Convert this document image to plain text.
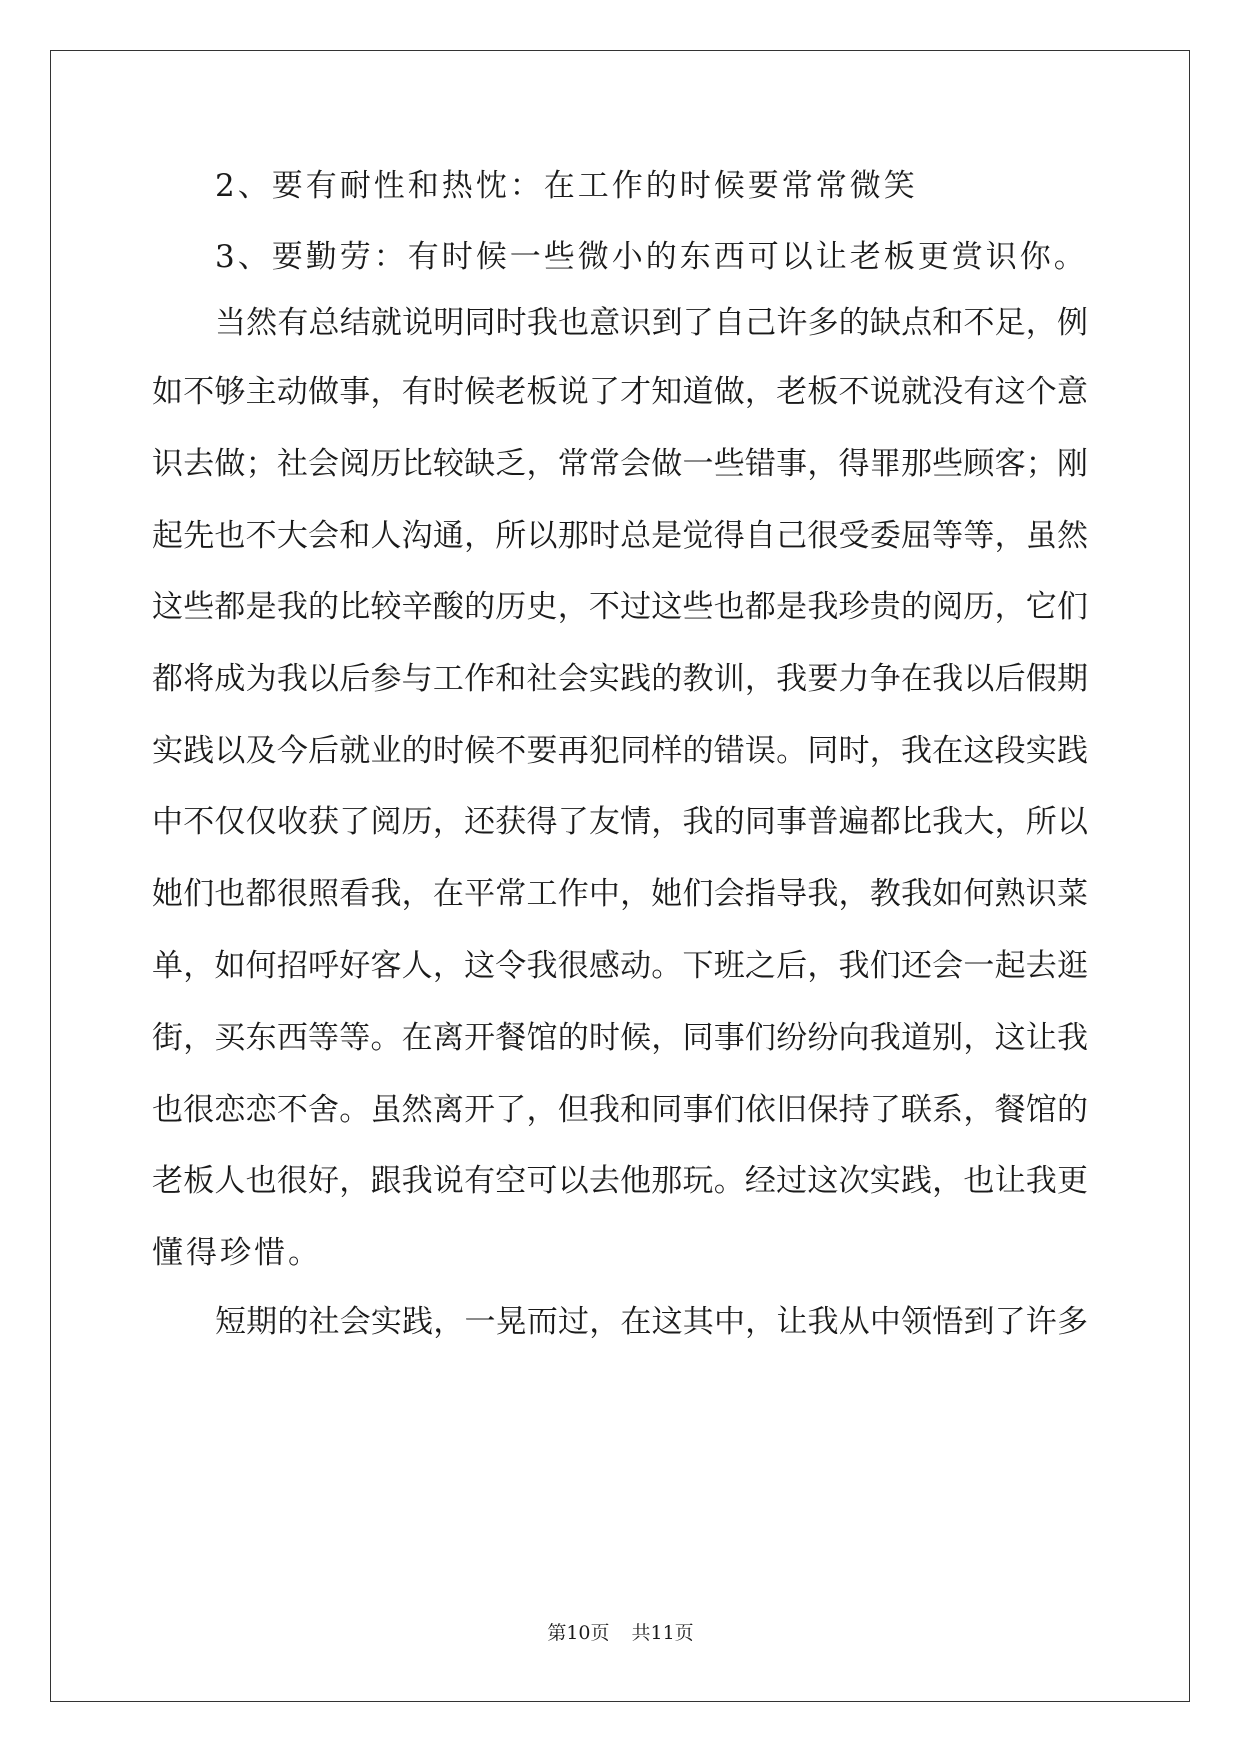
2、要有耐性和热忱：在工作的时候要常常微笑
3、要勤劳：有时候一些微小的东西可以让老板更赏识你。
当然有总结就说明同时我也意识到了自己许多的缺点和不足，例
如不够主动做事，有时候老板说了才知道做，老板不说就没有这个意
识去做；社会阅历比较缺乏，常常会做一些错事，得罪那些顾客；刚
起先也不大会和人沟通，所以那时总是觉得自己很受委屈等等，虽然
这些都是我的比较辛酸的历史，不过这些也都是我珍贵的阅历，它们
都将成为我以后参与工作和社会实践的教训，我要力争在我以后假期
实践以及今后就业的时候不要再犯同样的错误。同时，我在这段实践
中不仅仅收获了阅历，还获得了友情，我的同事普遍都比我大，所以
她们也都很照看我，在平常工作中，她们会指导我，教我如何熟识菜
单，如何招呼好客人，这令我很感动。下班之后，我们还会一起去逛
街，买东西等等。在离开餐馆的时候，同事们纷纷向我道别，这让我
也很恋恋不舍。虽然离开了，但我和同事们依旧保持了联系，餐馆的
老板人也很好，跟我说有空可以去他那玩。经过这次实践，也让我更
懂得珍惜。
短期的社会实践，一晃而过，在这其中，让我从中领悟到了许多
第10页 共11页
